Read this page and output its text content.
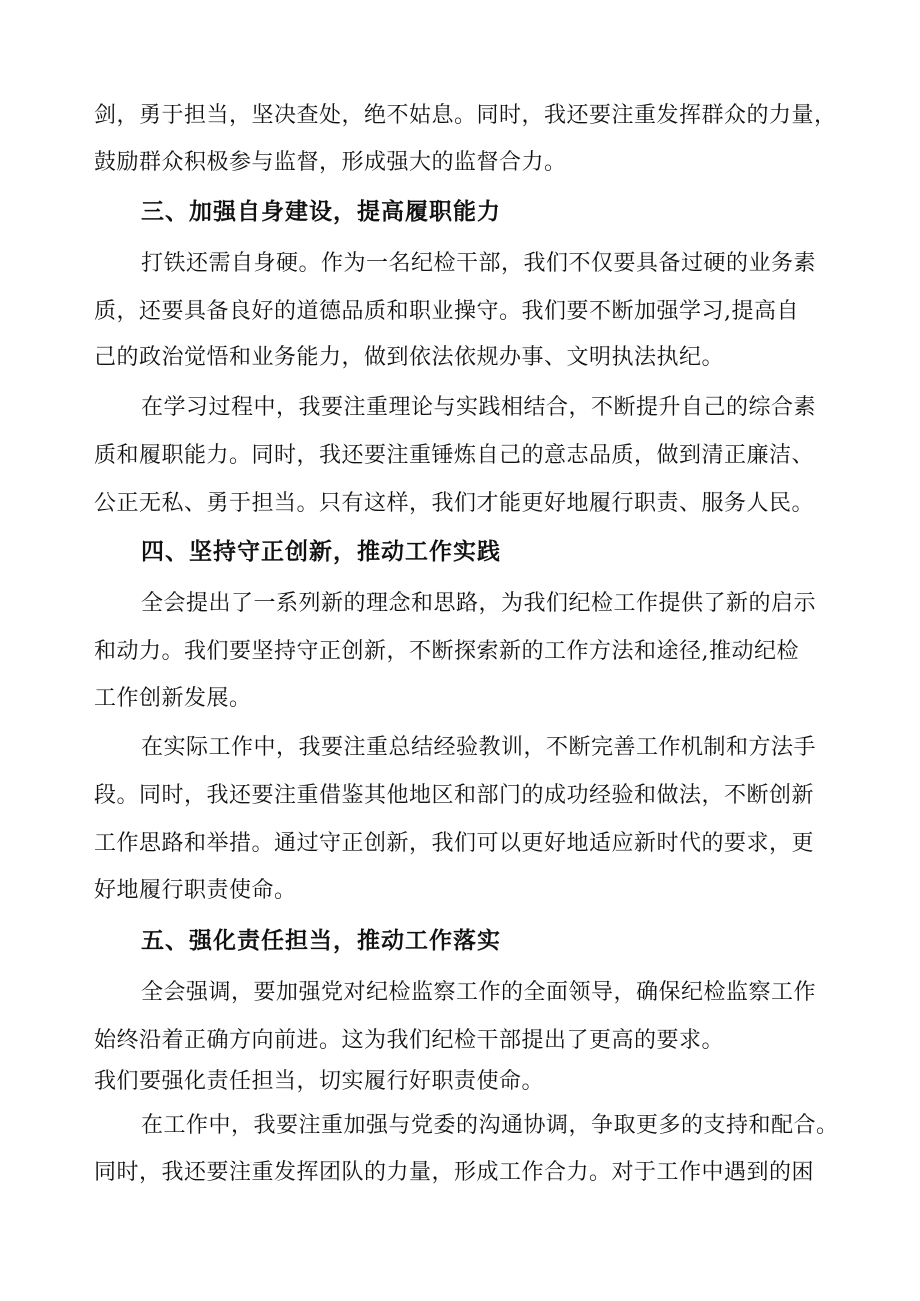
剑，勇于担当，坚决查处，绝不姑息。同时，我还要注重发挥群众的力量，

鼓励群众积极参与监督，形成强大的监督合力。

三、加强自身建设，提高履职能力

打铁还需自身硬。作为一名纪检干部，我们不仅要具备过硬的业务素

质，还要具备良好的道德品质和职业操守。我们要不断加强学习,提高自

己的政治觉悟和业务能力，做到依法依规办事、文明执法执纪。

在学习过程中，我要注重理论与实践相结合，不断提升自己的综合素

质和履职能力。同时，我还要注重锤炼自己的意志品质，做到清正廉洁、

公正无私、勇于担当。只有这样，我们才能更好地履行职责、服务人民。

四、坚持守正创新，推动工作实践

全会提出了一系列新的理念和思路，为我们纪检工作提供了新的启示

和动力。我们要坚持守正创新，不断探索新的工作方法和途径,推动纪检

工作创新发展。

在实际工作中，我要注重总结经验教训，不断完善工作机制和方法手

段。同时，我还要注重借鉴其他地区和部门的成功经验和做法，不断创新

工作思路和举措。通过守正创新，我们可以更好地适应新时代的要求，更

好地履行职责使命。

五、强化责任担当，推动工作落实

全会强调，要加强党对纪检监察工作的全面领导，确保纪检监察工作

始终沿着正确方向前进。这为我们纪检干部提出了更高的要求。

我们要强化责任担当，切实履行好职责使命。

在工作中，我要注重加强与党委的沟通协调，争取更多的支持和配合。

同时，我还要注重发挥团队的力量，形成工作合力。对于工作中遇到的困
